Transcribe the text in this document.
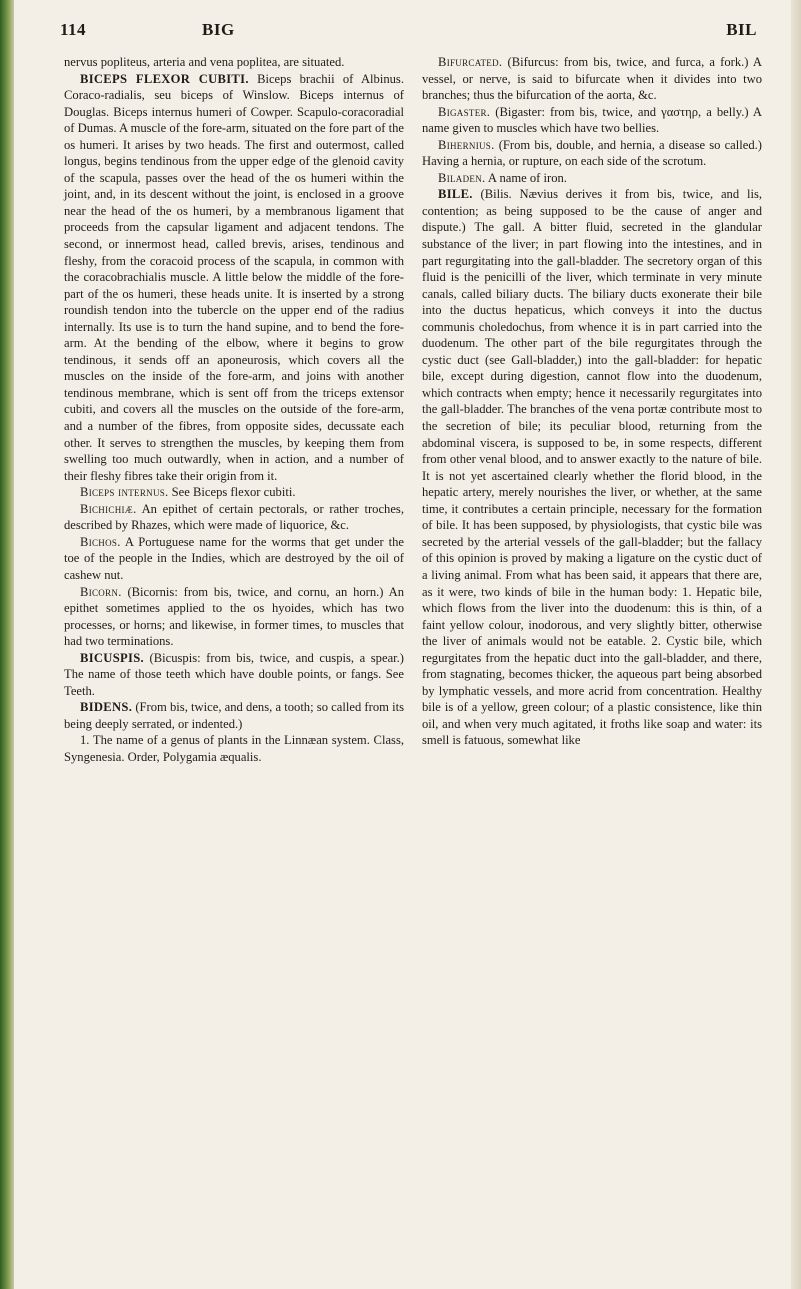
114	BIG	BIL

nervus popliteus, arteria and vena poplitea, are situated.

BICEPS FLEXOR CUBITI. Biceps brachii of Albinus. Coraco-radialis, seu biceps of Winslow. Biceps internus of Douglas. Biceps internus humeri of Cowper. Scapulo-coracoradial of Dumas. A muscle of the fore-arm, situated on the fore part of the os humeri. It arises by two heads. The first and outermost, called longus, begins tendinous from the upper edge of the glenoid cavity of the scapula, passes over the head of the os humeri within the joint, and, in its descent without the joint, is enclosed in a groove near the head of the os humeri, by a membranous ligament that proceeds from the capsular ligament and adjacent tendons. The second, or innermost head, called brevis, arises, tendinous and fleshy, from the coracoid process of the scapula, in common with the coracobrachialis muscle. A little below the middle of the fore-part of the os humeri, these heads unite. It is inserted by a strong roundish tendon into the tubercle on the upper end of the radius internally. Its use is to turn the hand supine, and to bend the fore-arm. At the bending of the elbow, where it begins to grow tendinous, it sends off an aponeurosis, which covers all the muscles on the inside of the fore-arm, and joins with another tendinous membrane, which is sent off from the triceps extensor cubiti, and covers all the muscles on the outside of the fore-arm, and a number of the fibres, from opposite sides, decussate each other. It serves to strengthen the muscles, by keeping them from swelling too much outwardly, when in action, and a number of their fleshy fibres take their origin from it.

Biceps internus. See Biceps flexor cubiti.

Bichichiæ. An epithet of certain pectorals, or rather troches, described by Rhazes, which were made of liquorice, &c.

Bichos. A Portuguese name for the worms that get under the toe of the people in the Indies, which are destroyed by the oil of cashew nut.

Bicorn. (Bicornis: from bis, twice, and cornu, an horn.) An epithet sometimes applied to the os hyoides, which has two processes, or horns; and likewise, in former times, to muscles that had two terminations.

BICUSPIS. (Bicuspis: from bis, twice, and cuspis, a spear.) The name of those teeth which have double points, or fangs. See Teeth.

BIDENS. (From bis, twice, and dens, a tooth; so called from its being deeply serrated, or indented.)

1. The name of a genus of plants in the Linnæan system. Class, Syngenesia. Order, Polygamia æqualis.

Bifurcated. (Bifurcus: from bis, twice, and furca, a fork.) A vessel, or nerve, is said to bifurcate when it divides into two branches; thus the bifurcation of the aorta, &c.

Bigaster. (Bigaster: from bis, twice, and γαστηρ, a belly.) A name given to muscles which have two bellies.

Bihernius. (From bis, double, and hernia, a disease so called.) Having a hernia, or rupture, on each side of the scrotum.

Biladen. A name of iron.

BILE. (Bilis. Nævius derives it from bis, twice, and lis, contention; as being supposed to be the cause of anger and dispute.) The gall. A bitter fluid, secreted in the glandular substance of the liver; in part flowing into the intestines, and in part regurgitating into the gall-bladder. The secretory organ of this fluid is the penicilli of the liver, which terminate in very minute canals, called biliary ducts. The biliary ducts exonerate their bile into the ductus hepaticus, which conveys it into the ductus communis choledochus, from whence it is in part carried into the duodenum. The other part of the bile regurgitates through the cystic duct (see Gall-bladder,) into the gall-bladder: for hepatic bile, except during digestion, cannot flow into the duodenum, which contracts when empty; hence it necessarily regurgitates into the gall-bladder. The branches of the vena portæ contribute most to the secretion of bile; its peculiar blood, returning from the abdominal viscera, is supposed to be, in some respects, different from other venal blood, and to answer exactly to the nature of bile. It is not yet ascertained clearly whether the florid blood, in the hepatic artery, merely nourishes the liver, or whether, at the same time, it contributes a certain principle, necessary for the formation of bile. It has been supposed, by physiologists, that cystic bile was secreted by the arterial vessels of the gall-bladder; but the fallacy of this opinion is proved by making a ligature on the cystic duct of a living animal. From what has been said, it appears that there are, as it were, two kinds of bile in the human body: 1. Hepatic bile, which flows from the liver into the duodenum: this is thin, of a faint yellow colour, inodorous, and very slightly bitter, otherwise the liver of animals would not be eatable. 2. Cystic bile, which regurgitates from the hepatic duct into the gall-bladder, and there, from stagnating, becomes thicker, the aqueous part being absorbed by lymphatic vessels, and more acrid from concentration. Healthy bile is of a yellow, green colour; of a plastic consistence, like thin oil, and when very much agitated, it froths like soap and water: its smell is fatuous, somewhat like
